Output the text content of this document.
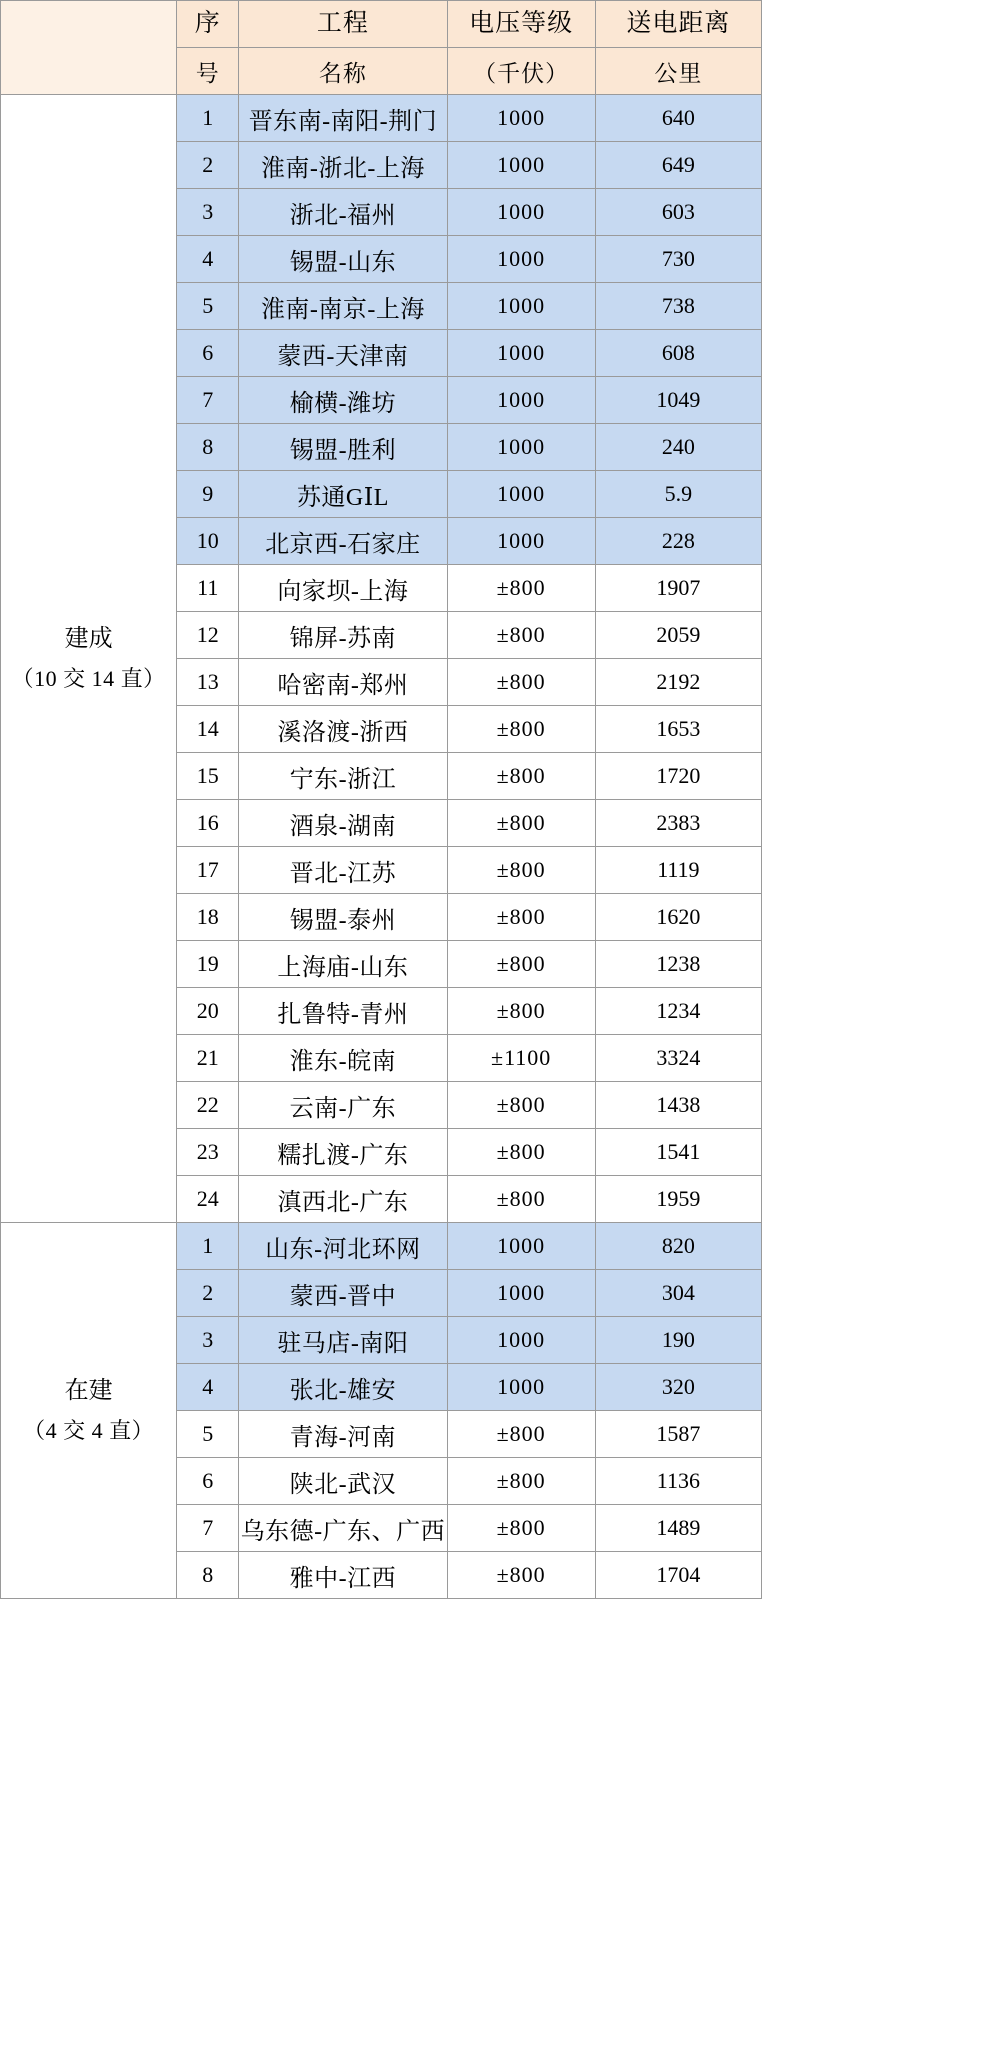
	序	工程	电压等级	送电距离
	号	名称	（千伏）	公里
建成
（10 交 14 直）	1	晋东南-南阳-荆门	1000	640
	2	淮南-浙北-上海	1000	649
	3	浙北-福州	1000	603
	4	锡盟-山东	1000	730
	5	淮南-南京-上海	1000	738
	6	蒙西-天津南	1000	608
	7	榆横-潍坊	1000	1049
	8	锡盟-胜利	1000	240
	9	苏通GⅠL	1000	5.9
	10	北京西-石家庄	1000	228
	11	向家坝-上海	±800	1907
	12	锦屏-苏南	±800	2059
	13	哈密南-郑州	±800	2192
	14	溪洛渡-浙西	±800	1653
	15	宁东-浙江	±800	1720
	16	酒泉-湖南	±800	2383
	17	晋北-江苏	±800	1119
	18	锡盟-泰州	±800	1620
	19	上海庙-山东	±800	1238
	20	扎鲁特-青州	±800	1234
	21	淮东-皖南	±1100	3324
	22	云南-广东	±800	1438
	23	糯扎渡-广东	±800	1541
	24	滇西北-广东	±800	1959
在建
（4 交 4 直）	1	山东-河北环网	1000	820
	2	蒙西-晋中	1000	304
	3	驻马店-南阳	1000	190
	4	张北-雄安	1000	320
	5	青海-河南	±800	1587
	6	陕北-武汉	±800	1136
	7	乌东德-广东、广西	±800	1489
	8	雅中-江西	±800	1704
